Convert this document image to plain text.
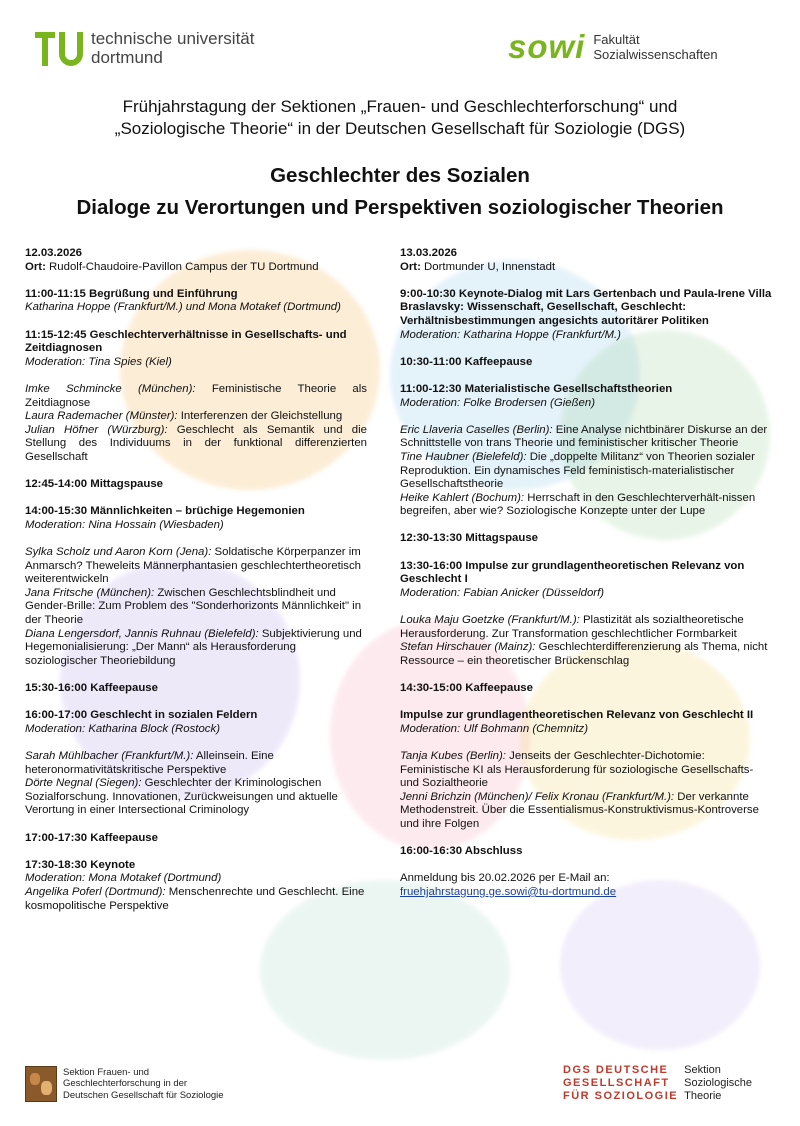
technische universität
dortmund	sowi Fakultät
Sozialwissenschaften
Frühjahrstagung der Sektionen „Frauen- und Geschlechterforschung“ und
„Soziologische Theorie“ in der Deutschen Gesellschaft für Soziologie (DGS)
Geschlechter des Sozialen
Dialoge zu Verortungen und Perspektiven soziologischer Theorien
12.03.2026
Ort: Rudolf-Chaudoire-Pavillon Campus der TU Dortmund
11:00-11:15 Begrüßung und Einführung
Katharina Hoppe (Frankfurt/M.) und Mona Motakef (Dortmund)
11:15-12:45 Geschlechterverhältnisse in Gesellschafts- und Zeitdiagnosen
Moderation: Tina Spies (Kiel)
Imke Schmincke (München): Feministische Theorie als Zeitdiagnose
Laura Rademacher (Münster): Interferenzen der Gleichstellung
Julian Höfner (Würzburg): Geschlecht als Semantik und die Stellung des Individuums in der funktional differenzierten Gesellschaft
12:45-14:00 Mittagspause
14:00-15:30 Männlichkeiten – brüchige Hegemonien
Moderation: Nina Hossain (Wiesbaden)
Sylka Scholz und Aaron Korn (Jena): Soldatische Körperpanzer im Anmarsch? Theweleits Männerphantasien geschlechtertheoretisch weiterentwickeln
Jana Fritsche (München): Zwischen Geschlechtsblindheit und Gender-Brille: Zum Problem des "Sonderhorizonts Männlichkeit" in der Theorie
Diana Lengersdorf, Jannis Ruhnau (Bielefeld): Subjektivierung und Hegemonialisierung: „Der Mann“ als Herausforderung soziologischer Theoriebildung
15:30-16:00 Kaffeepause
16:00-17:00 Geschlecht in sozialen Feldern
Moderation: Katharina Block (Rostock)
Sarah Mühlbacher (Frankfurt/M.): Alleinsein. Eine heteronormativitätskritische Perspektive
Dörte Negnal (Siegen): Geschlechter der Kriminologischen Sozialforschung. Innovationen, Zurückweisungen und aktuelle Verortung in einer Intersectional Criminology
17:00-17:30 Kaffeepause
17:30-18:30 Keynote
Moderation: Mona Motakef (Dortmund)
Angelika Poferl (Dortmund): Menschenrechte und Geschlecht. Eine kosmopolitische Perspektive
13.03.2026
Ort: Dortmunder U, Innenstadt
9:00-10:30 Keynote-Dialog mit Lars Gertenbach und Paula-Irene Villa Braslavsky: Wissenschaft, Gesellschaft, Geschlecht: Verhältnisbestimmungen angesichts autoritärer Politiken
Moderation: Katharina Hoppe (Frankfurt/M.)
10:30-11:00 Kaffeepause
11:00-12:30 Materialistische Gesellschaftstheorien
Moderation: Folke Brodersen (Gießen)
Eric Llaveria Caselles (Berlin): Eine Analyse nichtbinärer Diskurse an der Schnittstelle von trans Theorie und feministischer kritischer Theorie
Tine Haubner (Bielefeld): Die „doppelte Militanz“ von Theorien sozialer Reproduktion. Ein dynamisches Feld feministisch-materialistischer Gesellschaftstheorie
Heike Kahlert (Bochum): Herrschaft in den Geschlechterverhält-nissen begreifen, aber wie? Soziologische Konzepte unter der Lupe
12:30-13:30 Mittagspause
13:30-16:00 Impulse zur grundlagentheoretischen Relevanz von Geschlecht I
Moderation: Fabian Anicker (Düsseldorf)
Louka Maju Goetzke (Frankfurt/M.): Plastizität als sozialtheoretische Herausforderung. Zur Transformation geschlechtlicher Formbarkeit
Stefan Hirschauer (Mainz): Geschlechterdifferenzierung als Thema, nicht Ressource – ein theoretischer Brückenschlag
14:30-15:00 Kaffeepause
Impulse zur grundlagentheoretischen Relevanz von Geschlecht II
Moderation: Ulf Bohmann (Chemnitz)
Tanja Kubes (Berlin): Jenseits der Geschlechter-Dichotomie: Feministische KI als Herausforderung für soziologische Gesellschafts- und Sozialtheorie
Jenni Brichzin (München)/ Felix Kronau (Frankfurt/M.): Der verkannte Methodenstreit. Über die Essentialismus-Konstruktivismus-Kontroverse und ihre Folgen
16:00-16:30 Abschluss
Anmeldung bis 20.02.2026 per E-Mail an:
fruehjahrstagung.ge.sowi@tu-dortmund.de
Sektion Frauen- und
Geschlechterforschung in der
Deutschen Gesellschaft für Soziologie
DGS DEUTSCHE
GESELLSCHAFT
FÜR SOZIOLOGIE
Sektion
Soziologische
Theorie
